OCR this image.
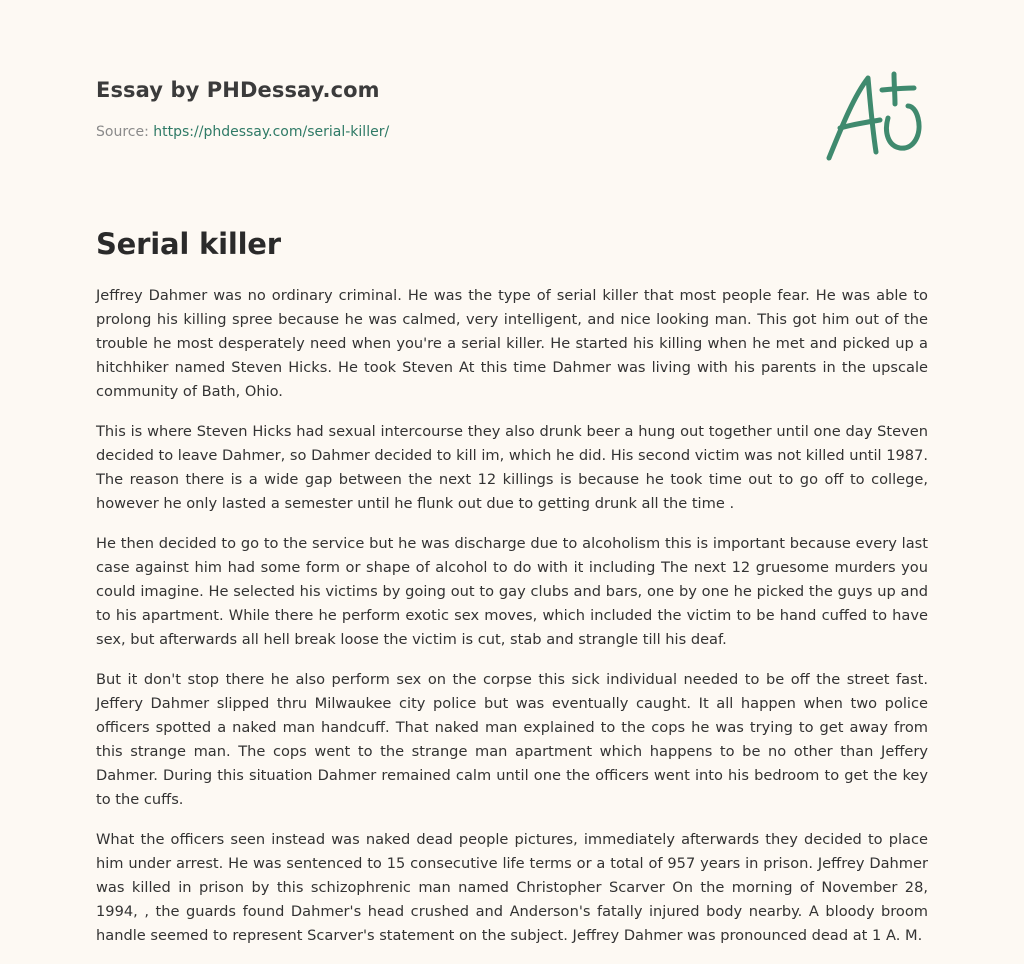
Essay by PHDessay.com
Source: https://phdessay.com/serial-killer/
Serial killer

Jeffrey Dahmer was no ordinary criminal. He was the type of serial killer that most people fear. He was able to prolong his killing spree because he was calmed, very intelligent, and nice looking man. This got him out of the trouble he most desperately need when you're a serial killer. He started his killing when he met and picked up a hitchhiker named Steven Hicks. He took Steven At this time Dahmer was living with his parents in the upscale community of Bath, Ohio.

This is where Steven Hicks had sexual intercourse they also drunk beer a hung out together until one day Steven decided to leave Dahmer, so Dahmer decided to kill im, which he did. His second victim was not killed until 1987. The reason there is a wide gap between the next 12 killings is because he took time out to go off to college, however he only lasted a semester until he flunk out due to getting drunk all the time .

He then decided to go to the service but he was discharge due to alcoholism this is important because every last case against him had some form or shape of alcohol to do with it including The next 12 gruesome murders you could imagine. He selected his victims by going out to gay clubs and bars, one by one he picked the guys up and to his apartment. While there he perform exotic sex moves, which included the victim to be hand cuffed to have sex, but afterwards all hell break loose the victim is cut, stab and strangle till his deaf.

But it don't stop there he also perform sex on the corpse this sick individual needed to be off the street fast. Jeffery Dahmer slipped thru Milwaukee city police but was eventually caught. It all happen when two police officers spotted a naked man handcuff. That naked man explained to the cops he was trying to get away from this strange man. The cops went to the strange man apartment which happens to be no other than Jeffery Dahmer. During this situation Dahmer remained calm until one the officers went into his bedroom to get the key to the cuffs.

What the officers seen instead was naked dead people pictures, immediately afterwards they decided to place him under arrest. He was sentenced to 15 consecutive life terms or a total of 957 years in prison. Jeffrey Dahmer was killed in prison by this schizophrenic man named Christopher Scarver On the morning of November 28, 1994, , the guards found Dahmer's head crushed and Anderson's fatally injured body nearby. A bloody broom handle seemed to represent Scarver's statement on the subject. Jeffrey Dahmer was pronounced dead at 1 A. M.
